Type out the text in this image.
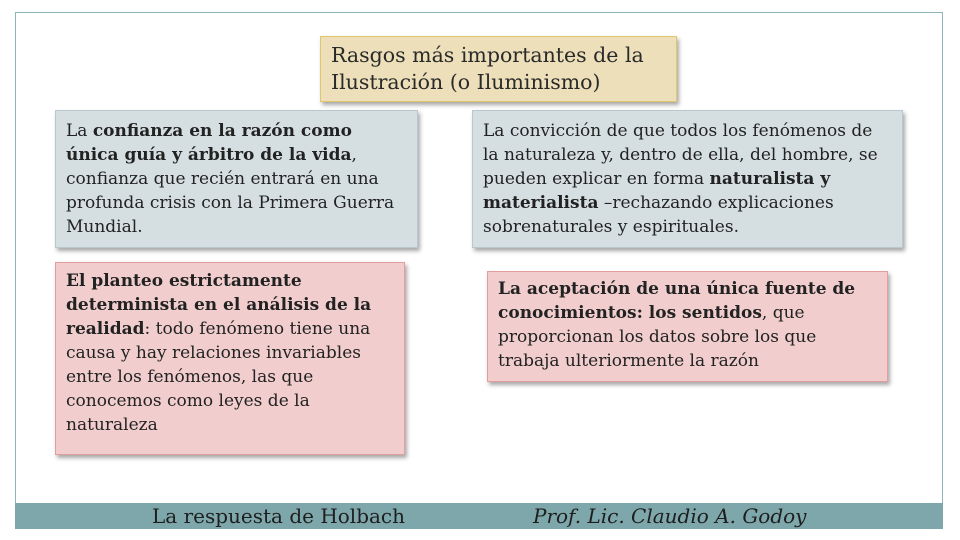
Rasgos más importantes de la
Ilustración (o Iluminismo)
La confianza en la razón como única guía y árbitro de la vida, confianza que recién entrará en una profunda crisis con la Primera Guerra Mundial.
La convicción de que todos los fenómenos de la naturaleza y, dentro de ella, del hombre, se pueden explicar en forma naturalista y materialista –rechazando explicaciones sobrenaturales y espirituales.
El planteo estrictamente determinista en el análisis de la realidad: todo fenómeno tiene una causa y hay relaciones invariables entre los fenómenos, las que conocemos como leyes de la naturaleza
La aceptación de una única fuente de conocimientos: los sentidos, que proporcionan los datos sobre los que trabaja ulteriormente la razón
La respuesta de Holbach	Prof. Lic. Claudio A. Godoy
